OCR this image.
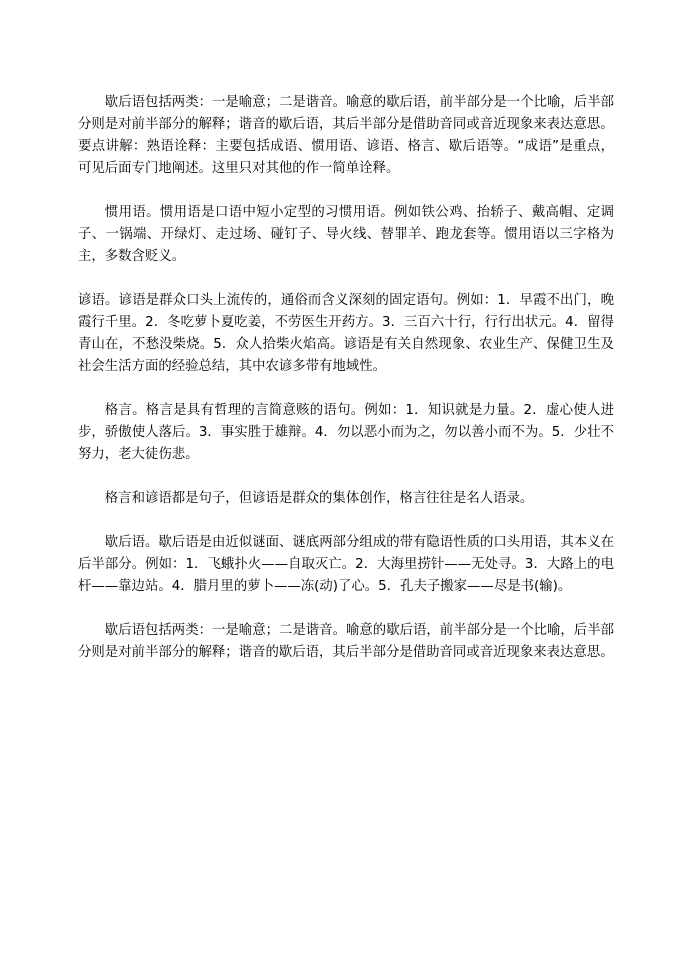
歇后语包括两类：一是喻意；二是谐音。喻意的歇后语，前半部分是一个比喻，后半部分则是对前半部分的解释；谐音的歇后语，其后半部分是借助音同或音近现象来表达意思。

要点讲解：熟语诠释：主要包括成语、惯用语、谚语、格言、歇后语等。“成语”是重点，可见后面专门地阐述。这里只对其他的作一简单诠释。

惯用语。惯用语是口语中短小定型的习惯用语。例如铁公鸡、抬轿子、戴高帽、定调子、一锅端、开绿灯、走过场、碰钉子、导火线、替罪羊、跑龙套等。惯用语以三字格为主，多数含贬义。

谚语。谚语是群众口头上流传的，通俗而含义深刻的固定语句。例如：1．早霞不出门，晚霞行千里。2．冬吃萝卜夏吃姜，不劳医生开药方。3．三百六十行，行行出状元。4．留得青山在，不愁没柴烧。5．众人拾柴火焰高。谚语是有关自然现象、农业生产、保健卫生及社会生活方面的经验总结，其中农谚多带有地域性。

格言。格言是具有哲理的言简意赅的语句。例如：1．知识就是力量。2．虚心使人进步，骄傲使人落后。3．事实胜于雄辩。4．勿以恶小而为之，勿以善小而不为。5．少壮不努力，老大徒伤悲。

格言和谚语都是句子，但谚语是群众的集体创作，格言往往是名人语录。

歇后语。歇后语是由近似谜面、谜底两部分组成的带有隐语性质的口头用语，其本义在后半部分。例如：1．飞蛾扑火——自取灭亡。2．大海里捞针——无处寻。3．大路上的电杆——靠边站。4．腊月里的萝卜——冻(动)了心。5．孔夫子搬家——尽是书(输)。

歇后语包括两类：一是喻意；二是谐音。喻意的歇后语，前半部分是一个比喻，后半部分则是对前半部分的解释；谐音的歇后语，其后半部分是借助音同或音近现象来表达意思。
